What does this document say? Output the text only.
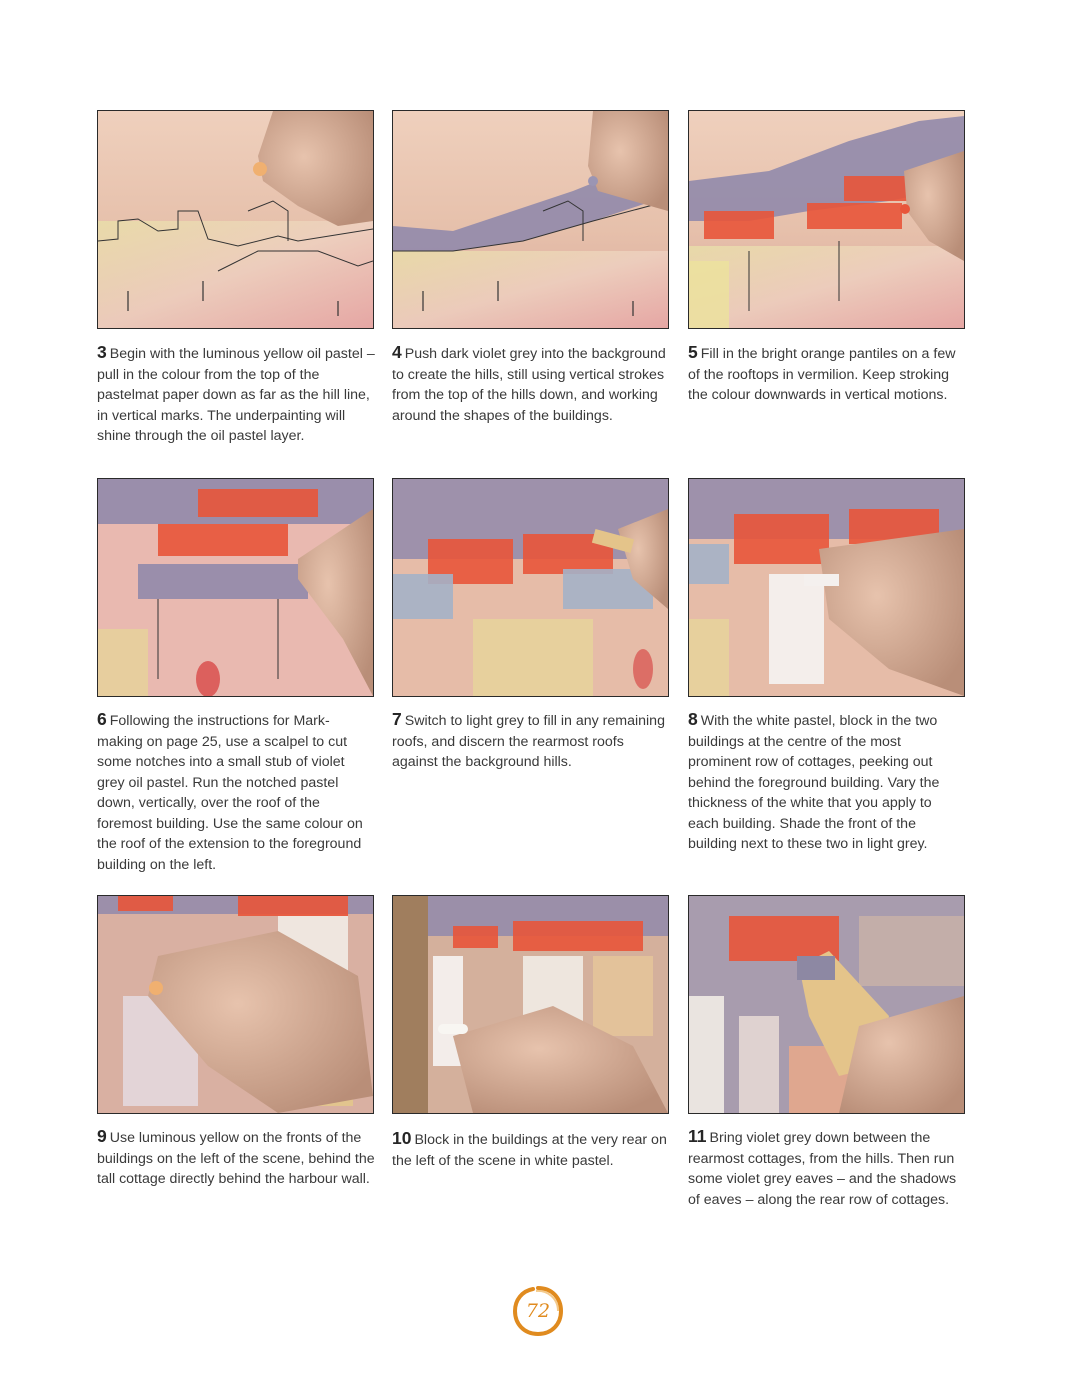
3 Begin with the luminous yellow oil pastel – pull in the colour from the top of the pastelmat paper down as far as the hill line, in vertical marks. The underpainting will shine through the oil pastel layer.
4 Push dark violet grey into the background to create the hills, still using vertical strokes from the top of the hills down, and working around the shapes of the buildings.
5 Fill in the bright orange pantiles on a few of the rooftops in vermilion. Keep stroking the colour downwards in vertical motions.
6 Following the instructions for Mark-making on page 25, use a scalpel to cut some notches into a small stub of violet grey oil pastel. Run the notched pastel down, vertically, over the roof of the foremost building. Use the same colour on the roof of the extension to the foreground building on the left.
7 Switch to light grey to fill in any remaining roofs, and discern the rearmost roofs against the background hills.
8 With the white pastel, block in the two buildings at the centre of the most prominent row of cottages, peeking out behind the foreground building. Vary the thickness of the white that you apply to each building. Shade the front of the building next to these two in light grey.
9 Use luminous yellow on the fronts of the buildings on the left of the scene, behind the tall cottage directly behind the harbour wall.
10 Block in the buildings at the very rear on the left of the scene in white pastel.
11 Bring violet grey down between the rearmost cottages, from the hills. Then run some violet grey eaves – and the shadows of eaves – along the rear row of cottages.
72
